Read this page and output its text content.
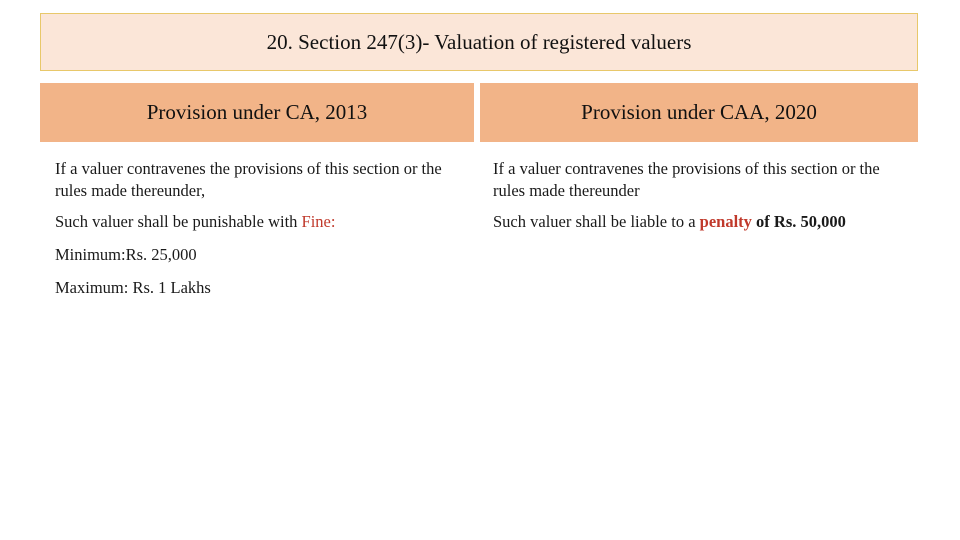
20. Section 247(3)- Valuation of registered valuers
Provision under CA, 2013	Provision under CAA, 2020

If a valuer contravenes the provisions of this section or the rules made thereunder,

Such valuer shall be punishable with Fine:

Minimum:Rs. 25,000

Maximum: Rs. 1 Lakhs

If a valuer contravenes the provisions of this section or the rules made thereunder

Such valuer shall be liable to a penalty of Rs. 50,000
